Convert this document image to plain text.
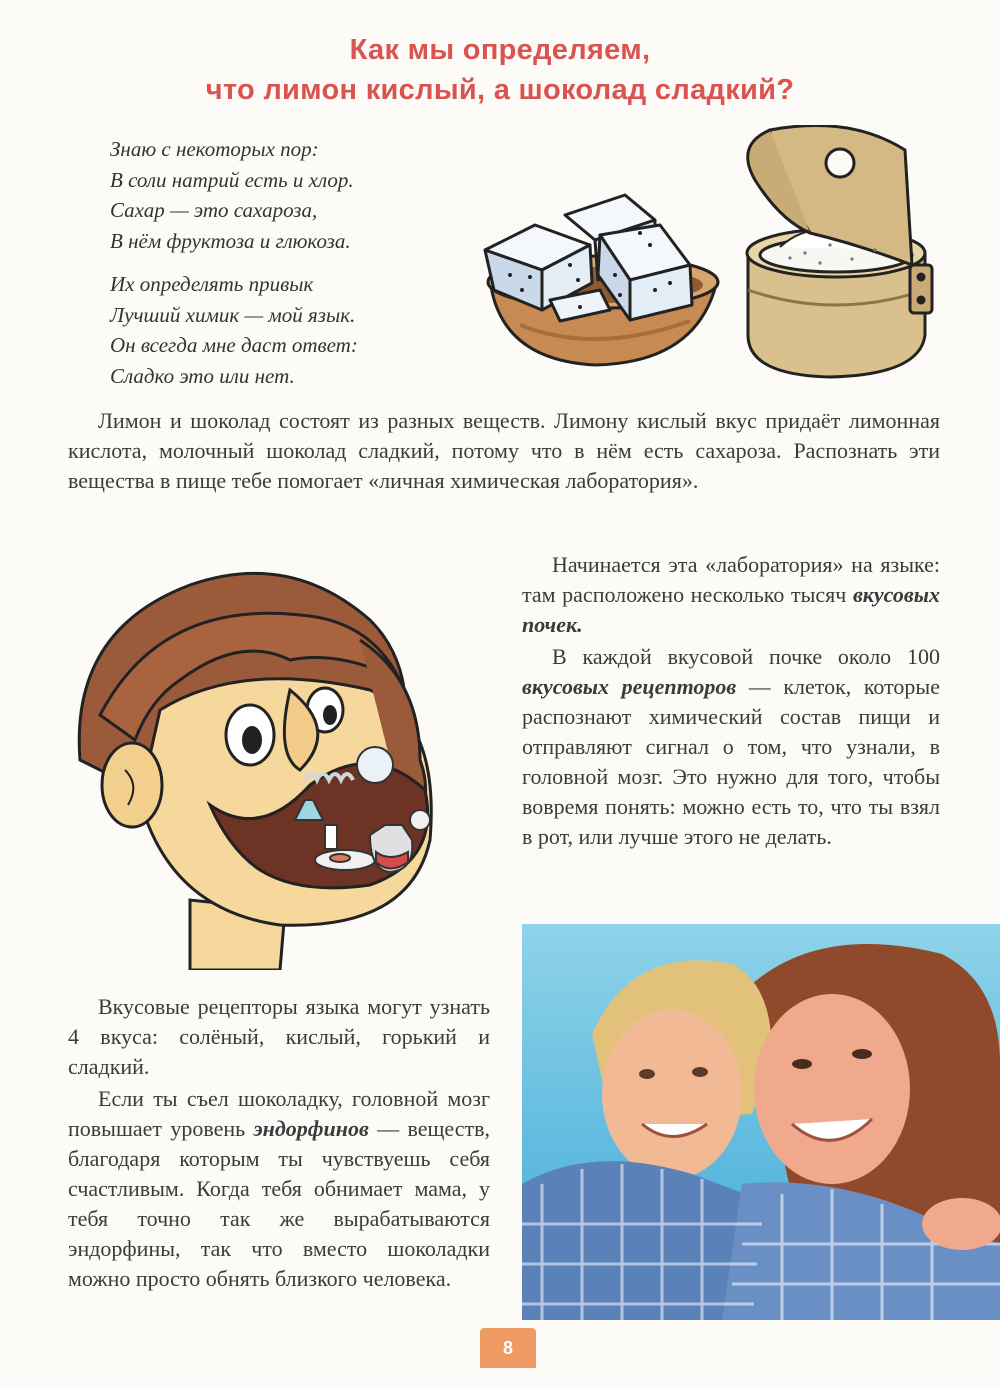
Как мы определяем,
что лимон кислый, а шоколад сладкий?
Знаю с некоторых пор:
В соли натрий есть и хлор.
Сахар — это сахароза,
В нём фруктоза и глюкоза.
Их определять привык
Лучший химик — мой язык.
Он всегда мне даст ответ:
Сладко это или нет.

Лимон и шоколад состоят из разных веществ. Лимону кислый вкус придаёт лимонная кислота, молочный шоколад сладкий, потому что в нём есть сахароза. Распознать эти вещества в пище тебе помогает «личная химическая лаборатория».

Начинается эта «лаборатория» на языке: там расположено несколько тысяч вкусовых почек.

В каждой вкусовой почке около 100 вкусовых рецепторов — клеток, которые распознают химический состав пищи и отправляют сигнал о том, что узнали, в головной мозг. Это нужно для того, чтобы вовремя понять: можно есть то, что ты взял в рот, или лучше этого не делать.

Вкусовые рецепторы языка могут узнать 4 вкуса: солёный, кислый, горький и сладкий.

Если ты съел шоколадку, головной мозг повышает уровень эндорфинов — веществ, благодаря которым ты чувствуешь себя счастливым. Когда тебя обнимает мама, у тебя точно так же вырабатываются эндорфины, так что вместо шоколадки можно просто обнять близкого человека.

8
